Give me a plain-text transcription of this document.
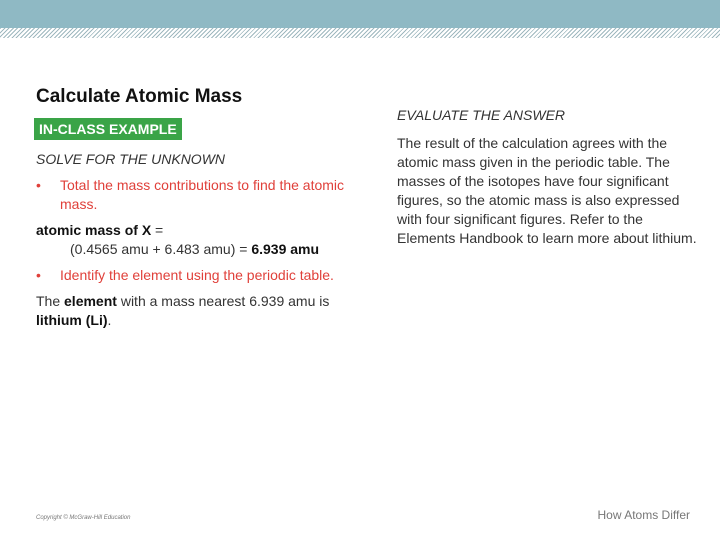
Calculate Atomic Mass
IN-CLASS EXAMPLE
SOLVE FOR THE UNKNOWN
• Total the mass contributions to find the atomic mass.
atomic mass of X =
(0.4565 amu + 6.483 amu) = 6.939 amu
• Identify the element using the periodic table.

The element with a mass nearest 6.939 amu is lithium (Li).

EVALUATE THE ANSWER

The result of the calculation agrees with the atomic mass given in the periodic table. The masses of the isotopes have four significant figures, so the atomic mass is also expressed with four significant figures. Refer to the Elements Handbook to learn more about lithium.

How Atoms Differ
Copyright © McGraw-Hill Education
